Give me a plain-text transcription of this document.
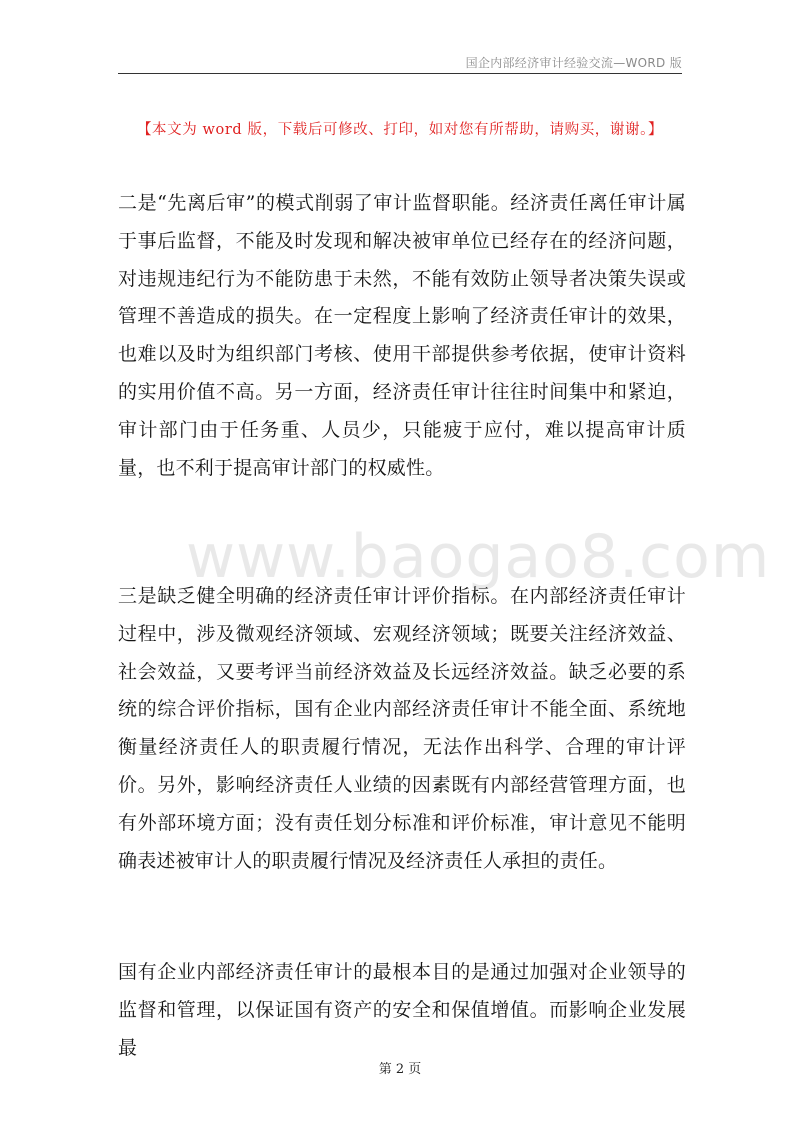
国企内部经济审计经验交流—WORD 版
【本文为 word 版，下载后可修改、打印，如对您有所帮助，请购买，谢谢。】
www.baogao8.com
二是“先离后审”的模式削弱了审计监督职能。经济责任离任审计属于事后监督，不能及时发现和解决被审单位已经存在的经济问题，对违规违纪行为不能防患于未然，不能有效防止领导者决策失误或管理不善造成的损失。在一定程度上影响了经济责任审计的效果，也难以及时为组织部门考核、使用干部提供参考依据，使审计资料的实用价值不高。另一方面，经济责任审计往往时间集中和紧迫，审计部门由于任务重、人员少，只能疲于应付，难以提高审计质量，也不利于提高审计部门的权威性。
三是缺乏健全明确的经济责任审计评价指标。在内部经济责任审计过程中，涉及微观经济领域、宏观经济领域；既要关注经济效益、社会效益，又要考评当前经济效益及长远经济效益。缺乏必要的系统的综合评价指标，国有企业内部经济责任审计不能全面、系统地衡量经济责任人的职责履行情况，无法作出科学、合理的审计评价。另外，影响经济责任人业绩的因素既有内部经营管理方面，也有外部环境方面；没有责任划分标准和评价标准，审计意见不能明确表述被审计人的职责履行情况及经济责任人承担的责任。
国有企业内部经济责任审计的最根本目的是通过加强对企业领导的监督和管理，以保证国有资产的安全和保值增值。而影响企业发展最
第 2 页
